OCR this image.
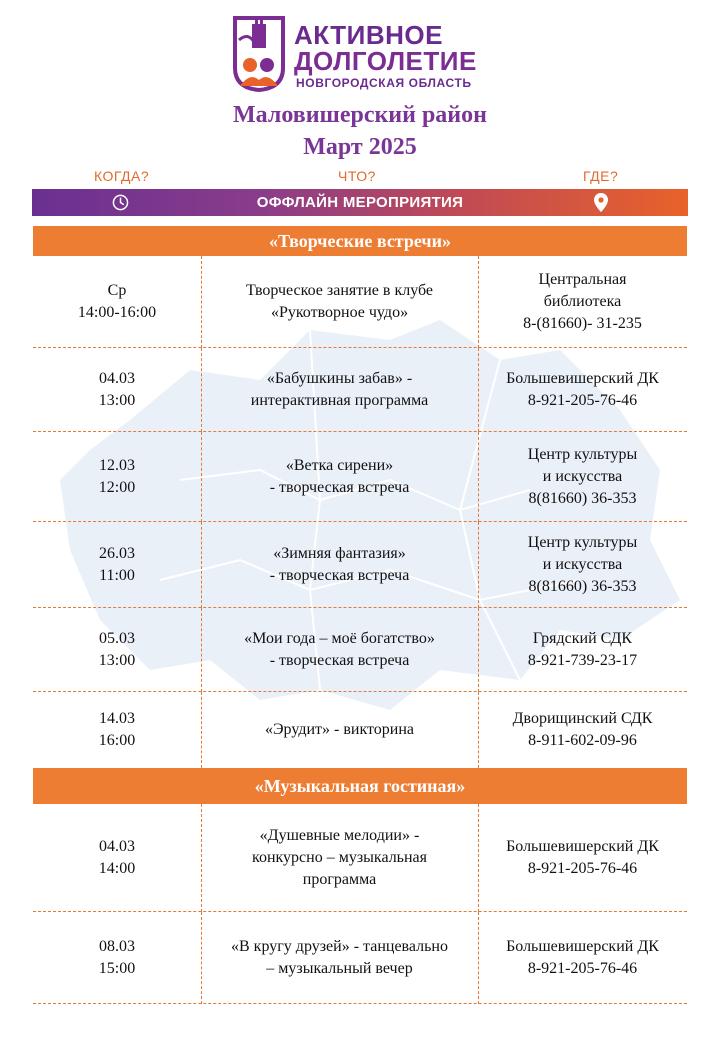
АКТИВНОЕ
ДОЛГОЛЕТИЕ
НОВГОРОДСКАЯ ОБЛАСТЬ
Маловишерский район
Март 2025
КОГДА?	ЧТО?	ГДЕ?
ОФФЛАЙН МЕРОПРИЯТИЯ
«Творческие встречи»
Ср
14:00-16:00
Творческое занятие в клубе
«Рукотворное чудо»
Центральная
библиотека
8-(81660)- 31-235
04.03
13:00
«Бабушкины забав» -
интерактивная программа
Большевишерский ДК
8-921-205-76-46
12.03
12:00
«Ветка сирени»
- творческая встреча
Центр культуры
и искусства
8(81660) 36-353
26.03
11:00
«Зимняя фантазия»
- творческая встреча
Центр культуры
и искусства
8(81660) 36-353
05.03
13:00
«Мои года – моё богатство»
- творческая встреча
Грядский СДК
8-921-739-23-17
14.03
16:00
«Эрудит» - викторина
Дворищинский СДК
8-911-602-09-96
«Музыкальная гостиная»
04.03
14:00
«Душевные мелодии» -
конкурсно – музыкальная
программа
Большевишерский ДК
8-921-205-76-46
08.03
15:00
«В кругу друзей» - танцевально
– музыкальный вечер
Большевишерский ДК
8-921-205-76-46
